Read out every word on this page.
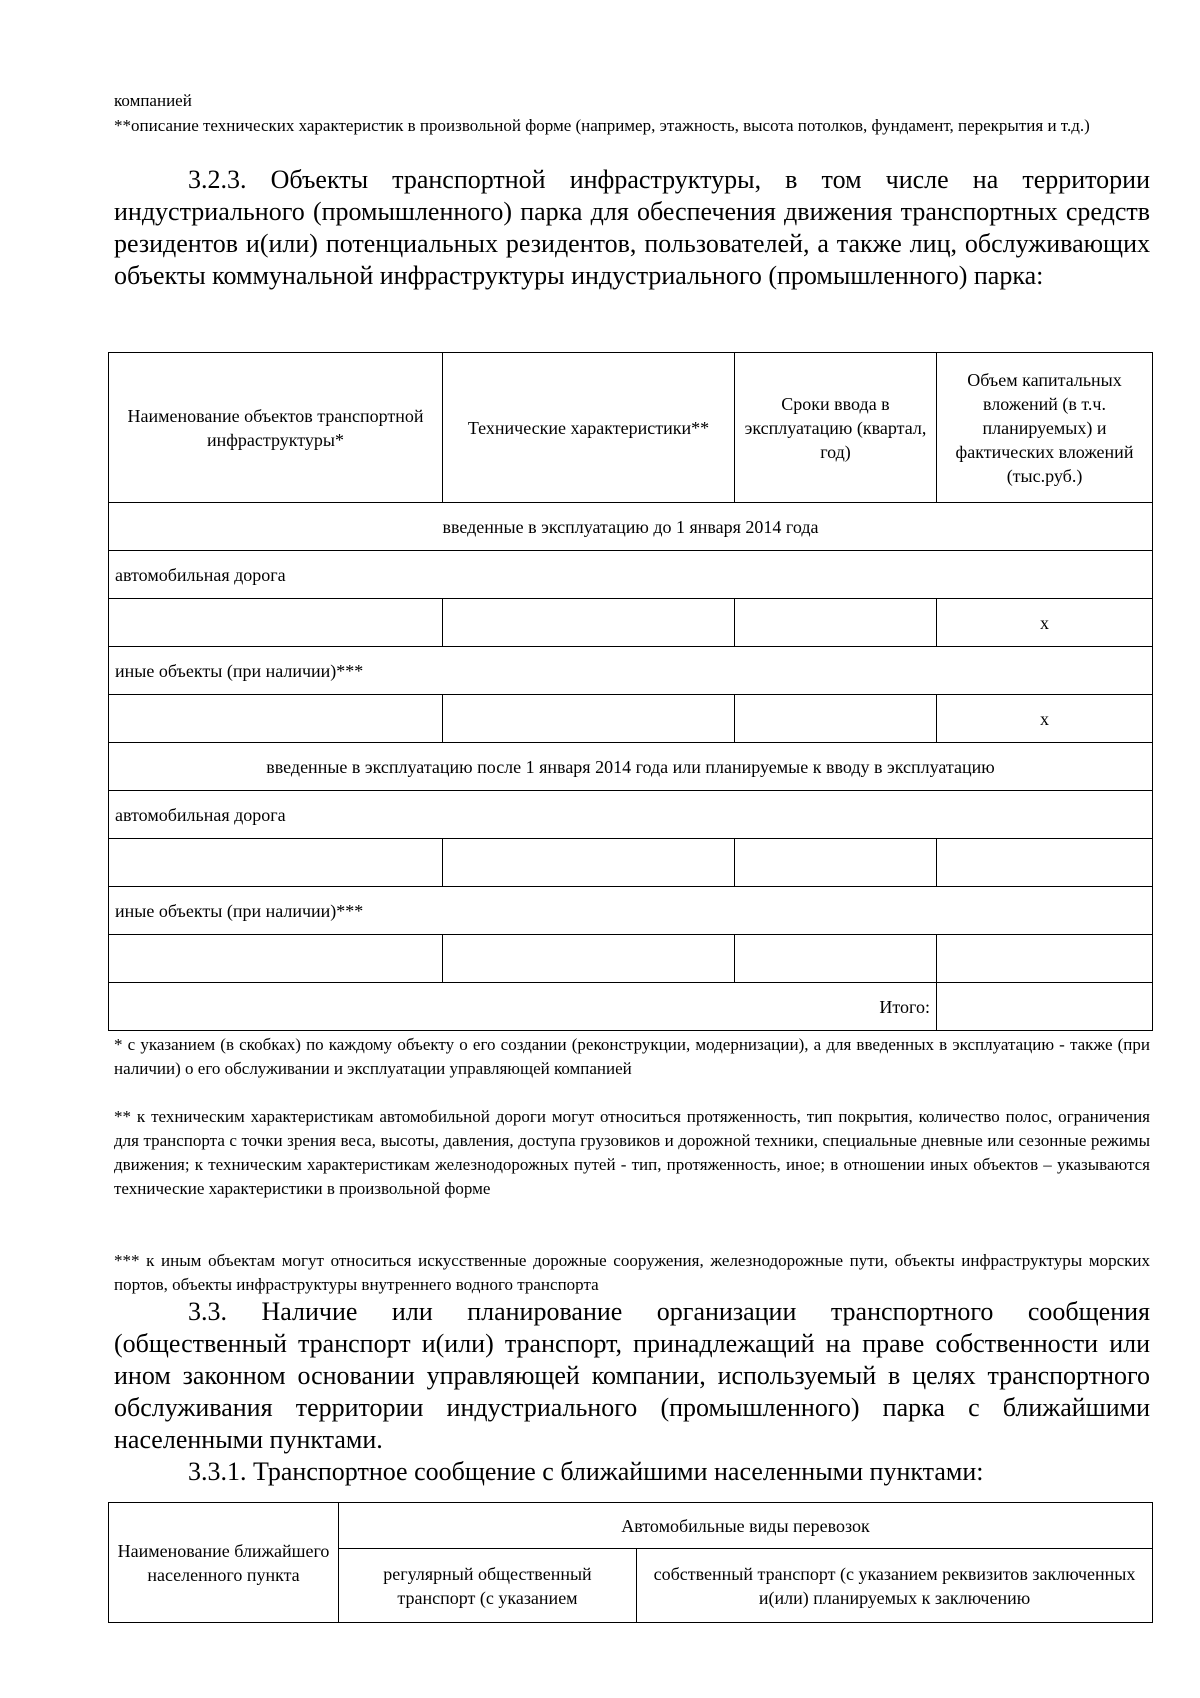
компанией
**описание технических характеристик в произвольной форме (например, этажность, высота потолков, фундамент, перекрытия и т.д.)
3.2.3. Объекты транспортной инфраструктуры, в том числе на территории индустриального (промышленного) парка для обеспечения движения транспортных средств резидентов и(или) потенциальных резидентов, пользователей, а также лиц, обслуживающих объекты коммунальной инфраструктуры индустриального (промышленного) парка:
Наименование объектов транспортной инфраструктуры*	Технические характеристики**	Сроки ввода в эксплуатацию (квартал, год)	Объем капитальных вложений (в т.ч. планируемых) и фактических вложений (тыс.руб.)
введенные в эксплуатацию до 1 января 2014 года			
автомобильная дорога			
			х
иные объекты (при наличии)***			
			х
введенные в эксплуатацию после 1 января 2014 года или планируемые к вводу в эксплуатацию			
автомобильная дорога			

иные объекты (при наличии)***			

Итого:			
* с указанием (в скобках) по каждому объекту о его создании (реконструкции, модернизации), а для введенных в эксплуатацию - также (при наличии) о его обслуживании и эксплуатации управляющей компанией
** к техническим характеристикам автомобильной дороги могут относиться протяженность, тип покрытия, количество полос, ограничения для транспорта с точки зрения веса, высоты, давления, доступа грузовиков и дорожной техники, специальные дневные или сезонные режимы движения; к техническим характеристикам железнодорожных путей - тип, протяженность, иное; в отношении иных объектов – указываются технические характеристики в произвольной форме
*** к иным объектам могут относиться искусственные дорожные сооружения, железнодорожные пути, объекты инфраструктуры морских портов, объекты инфраструктуры внутреннего водного транспорта
3.3. Наличие или планирование организации транспортного сообщения (общественный транспорт и(или) транспорт, принадлежащий на праве собственности или ином законном основании управляющей компании, используемый в целях транспортного обслуживания территории индустриального (промышленного) парка с ближайшими населенными пунктами.
3.3.1. Транспортное сообщение с ближайшими населенными пунктами:
Наименование ближайшего населенного пункта	Автомобильные виды перевозок	
	регулярный общественный транспорт (с указанием	собственный транспорт (с указанием реквизитов заключенных и(или) планируемых к заключению
